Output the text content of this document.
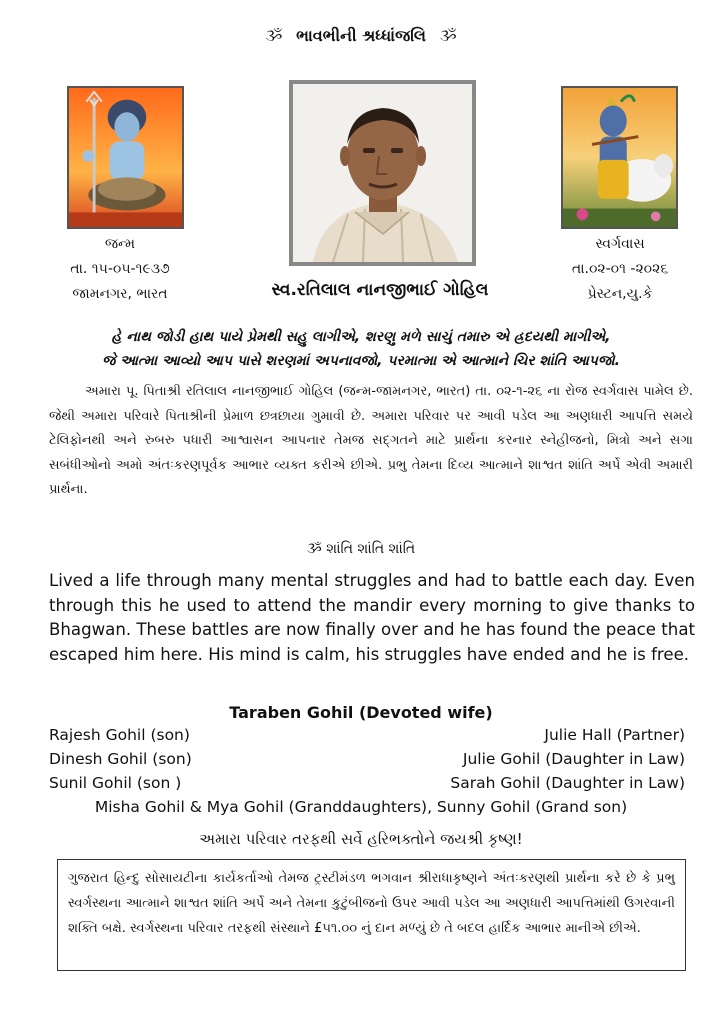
ૐ ભાવભીની શ્રધ્ધાંજલિ ૐ
જન્મ
તા. ૧૫-૦૫-૧૯૩૭
જામનગર, ભારત	સ્વ.રતિલાલ નાનજીભાઈ ગોહિલ
સ્વર્ગવાસ
તા.૦૨-૦૧ -૨૦૨૬
પ્રેસ્ટન,યુ.કે
હે નાથ જોડી હાથ પાયે પ્રેમથી સહુ લાગીએ, શરણુ મળે સાચું તમારુ એ હ્રદયથી માગીએ,
જે આત્મા આવ્યો આપ પાસે શરણમાં અપનાવજો, પરમાત્મા એ આત્માને ચિર શાંતિ આપજો.
અમારા પૂ. પિતાશ્રી રતિલાલ નાનજીભાઈ ગોહિલ (જન્મ-જામનગર, ભારત) તા. ૦૨-૧-૨૬ ના રોજ સ્વર્ગવાસ પામેલ છે. જેથી અમારા પરિવારે પિતાશ્રીની પ્રેમાળ છત્રછાયા ગુમાવી છે. અમારા પરિવાર પર આવી પડેલ આ અણધારી આપત્તિ સમયે ટેલિફોનથી અને રુબરુ પધારી આશ્વાસન આપનાર તેમજ સદ્ગતને માટે પ્રાર્થના કરનાર સ્નેહીજનો, મિત્રો અને સગા સબંધીઓનો અમો અંતઃકરણપૂર્વક આભાર વ્યક્ત કરીએ છીએ. પ્રભુ તેમના દિવ્ય આત્માને શાશ્વત શાંતિ અર્પે એવી અમારી પ્રાર્થના.
ૐ શાંતિ શાંતિ શાંતિ
Lived a life through many mental struggles and had to battle each day. Even through this he used to attend the mandir every morning to give thanks to Bhagwan. These battles are now finally over and he has found the peace that escaped him here. His mind is calm, his struggles have ended and he is free.
Taraben Gohil (Devoted wife)
Rajesh Gohil (son)	Julie Hall (Partner)
Dinesh Gohil (son)	Julie Gohil (Daughter in Law)
Sunil Gohil (son )	Sarah Gohil (Daughter in Law)
Misha Gohil & Mya Gohil (Granddaughters), Sunny Gohil (Grand son)
અમારા પરિવાર તરફથી સર્વે હરિભક્તોને જયશ્રી કૃષ્ણ!
ગુજરાત હિન્દુ સોસાયટીના કાર્યકર્તાઓ તેમજ ટ્રસ્ટીમંડળ ભગવાન શ્રીરાધાકૃષ્ણને અંતઃકરણથી પ્રાર્થના કરે છે કે પ્રભુ સ્વર્ગસ્થના આત્માને શાશ્વત શાંતિ અર્પે અને તેમના કુટુંબીજનો ઉપર આવી પડેલ આ અણધારી આપત્તિમાંથી ઉગરવાની શક્તિ બક્ષે. સ્વર્ગસ્થના પરિવાર તરફથી સંસ્થાને £૫૧.૦૦ નું દાન મળ્યું છે તે બદલ હાર્દિક આભાર માનીએ છીએ.
